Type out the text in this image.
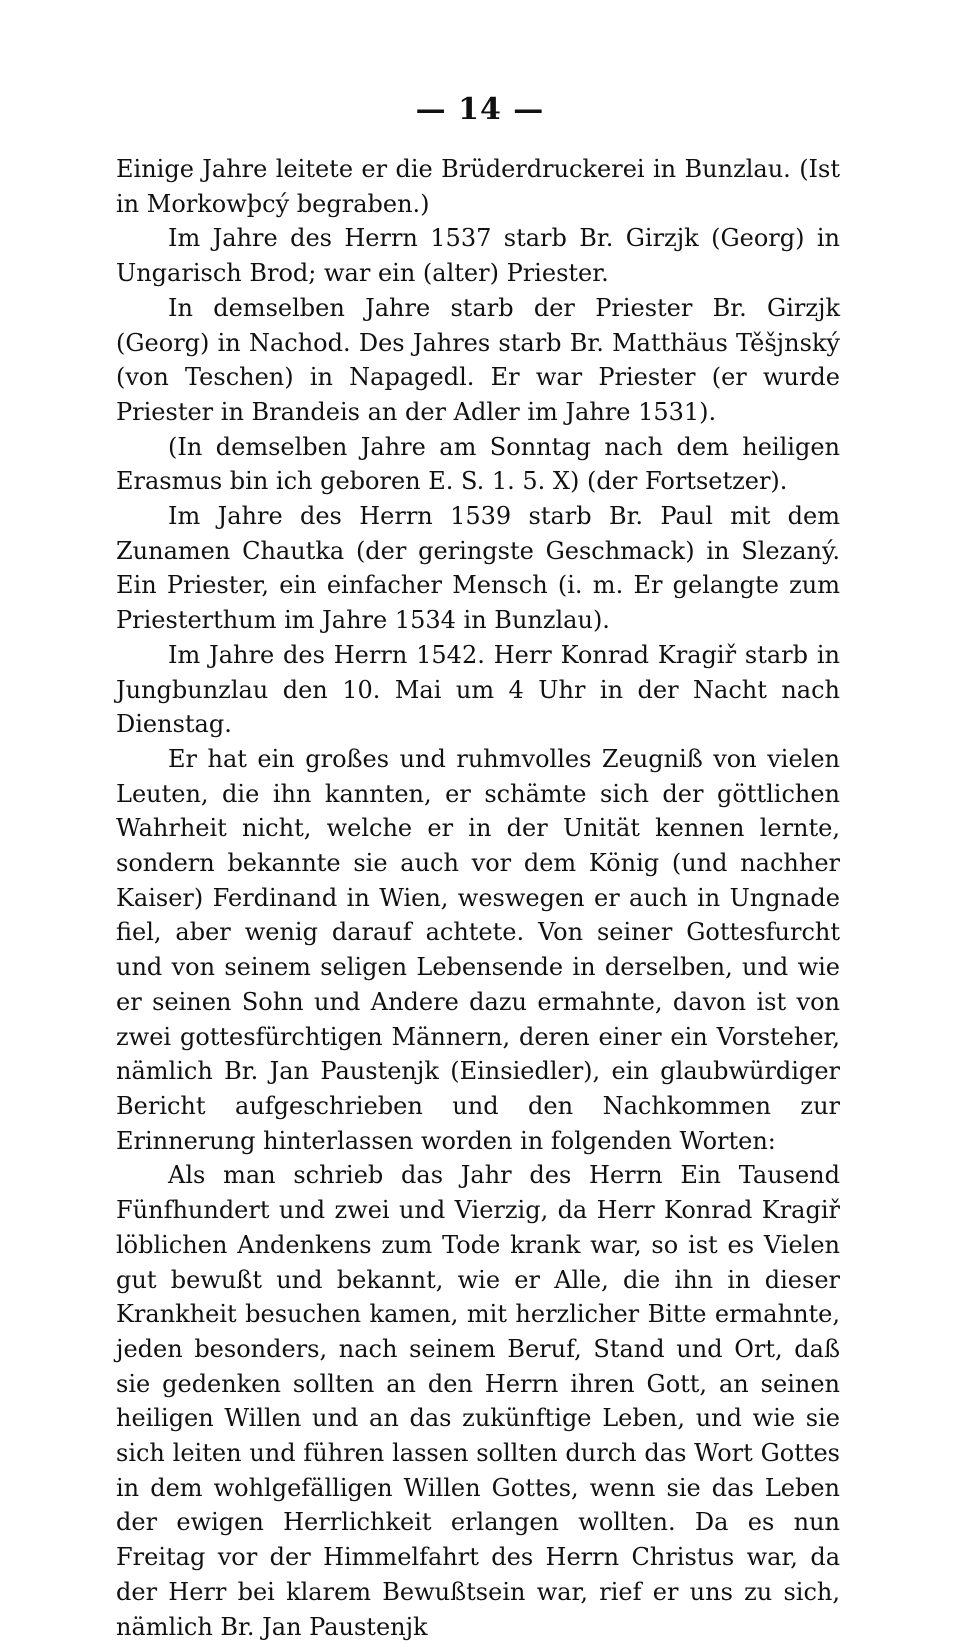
— 14 —

Einige Jahre leitete er die Brüderdruckerei in Bunzlau. (Ist in Morkowþcý begraben.)

Im Jahre des Herrn 1537 starb Br. Girzjk (Georg) in Ungarisch Brod; war ein (alter) Priester.

In demselben Jahre starb der Priester Br. Girzjk (Georg) in Nachod. Des Jahres starb Br. Matthäus Těšjnský (von Teschen) in Napagedl. Er war Priester (er wurde Priester in Brandeis an der Adler im Jahre 1531).

(In demselben Jahre am Sonntag nach dem heiligen Erasmus bin ich geboren E. S. 1. 5. X) (der Fortsetzer).

Im Jahre des Herrn 1539 starb Br. Paul mit dem Zunamen Chautka (der geringste Geschmack) in Slezaný. Ein Priester, ein einfacher Mensch (i. m. Er gelangte zum Priesterthum im Jahre 1534 in Bunzlau).

Im Jahre des Herrn 1542. Herr Konrad Kragiř starb in Jungbunzlau den 10. Mai um 4 Uhr in der Nacht nach Dienstag.

Er hat ein großes und ruhmvolles Zeugniß von vielen Leuten, die ihn kannten, er schämte sich der göttlichen Wahrheit nicht, welche er in der Unität kennen lernte, sondern bekannte sie auch vor dem König (und nachher Kaiser) Ferdinand in Wien, weswegen er auch in Ungnade fiel, aber wenig darauf achtete. Von seiner Gottesfurcht und von seinem seligen Lebensende in derselben, und wie er seinen Sohn und Andere dazu ermahnte, davon ist von zwei gottesfürchtigen Männern, deren einer ein Vorsteher, nämlich Br. Jan Paustenjk (Einsiedler), ein glaubwürdiger Bericht aufgeschrieben und den Nachkommen zur Erinnerung hinterlassen worden in folgenden Worten:

Als man schrieb das Jahr des Herrn Ein Tausend Fünfhundert und zwei und Vierzig, da Herr Konrad Kragiř löblichen Andenkens zum Tode krank war, so ist es Vielen gut bewußt und bekannt, wie er Alle, die ihn in dieser Krankheit besuchen kamen, mit herzlicher Bitte ermahnte, jeden besonders, nach seinem Beruf, Stand und Ort, daß sie gedenken sollten an den Herrn ihren Gott, an seinen heiligen Willen und an das zukünftige Leben, und wie sie sich leiten und führen lassen sollten durch das Wort Gottes in dem wohlgefälligen Willen Gottes, wenn sie das Leben der ewigen Herrlichkeit erlangen wollten. Da es nun Freitag vor der Himmelfahrt des Herrn Christus war, da der Herr bei klarem Bewußtsein war, rief er uns zu sich, nämlich Br. Jan Paustenjk
